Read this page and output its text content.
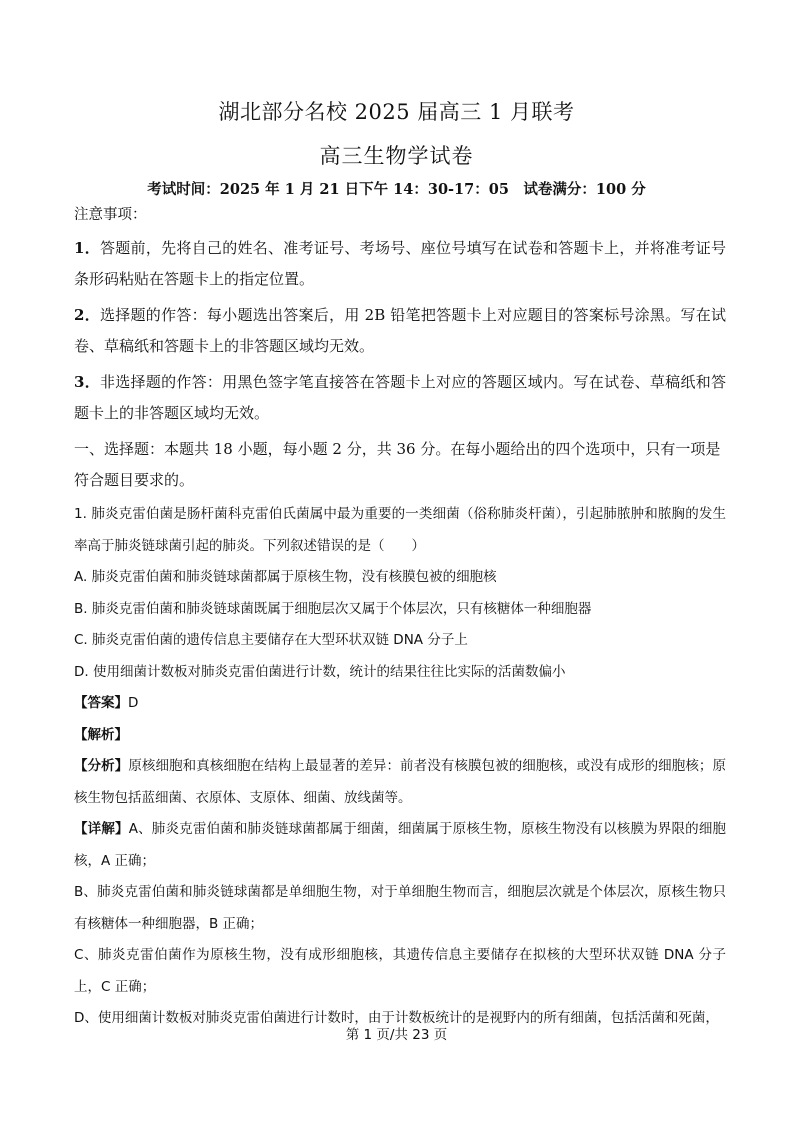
湖北部分名校 2025 届高三 1 月联考
高三生物学试卷
考试时间：2025 年 1 月 21 日下午 14：30-17：05　试卷满分：100 分

注意事项：

1．答题前，先将自己的姓名、准考证号、考场号、座位号填写在试卷和答题卡上，并将准考证号条形码粘贴在答题卡上的指定位置。

2．选择题的作答：每小题选出答案后，用 2B 铅笔把答题卡上对应题目的答案标号涂黑。写在试卷、草稿纸和答题卡上的非答题区域均无效。

3．非选择题的作答：用黑色签字笔直接答在答题卡上对应的答题区域内。写在试卷、草稿纸和答题卡上的非答题区域均无效。

一、选择题：本题共 18 小题，每小题 2 分，共 36 分。在每小题给出的四个选项中，只有一项是符合题目要求的。

1. 肺炎克雷伯菌是肠杆菌科克雷伯氏菌属中最为重要的一类细菌（俗称肺炎杆菌），引起肺脓肿和脓胸的发生率高于肺炎链球菌引起的肺炎。下列叙述错误的是（　　）

A. 肺炎克雷伯菌和肺炎链球菌都属于原核生物，没有核膜包被的细胞核

B. 肺炎克雷伯菌和肺炎链球菌既属于细胞层次又属于个体层次，只有核糖体一种细胞器

C. 肺炎克雷伯菌的遗传信息主要储存在大型环状双链 DNA 分子上

D. 使用细菌计数板对肺炎克雷伯菌进行计数，统计的结果往往比实际的活菌数偏小

【答案】D

【解析】

【分析】原核细胞和真核细胞在结构上最显著的差异：前者没有核膜包被的细胞核，或没有成形的细胞核；原核生物包括蓝细菌、衣原体、支原体、细菌、放线菌等。

【详解】A、肺炎克雷伯菌和肺炎链球菌都属于细菌，细菌属于原核生物，原核生物没有以核膜为界限的细胞核，A 正确；

B、肺炎克雷伯菌和肺炎链球菌都是单细胞生物，对于单细胞生物而言，细胞层次就是个体层次，原核生物只有核糖体一种细胞器，B 正确；

C、肺炎克雷伯菌作为原核生物，没有成形细胞核，其遗传信息主要储存在拟核的大型环状双链 DNA 分子上，C 正确；

D、使用细菌计数板对肺炎克雷伯菌进行计数时，由于计数板统计的是视野内的所有细菌，包括活菌和死菌，

第 1 页/共 23 页
